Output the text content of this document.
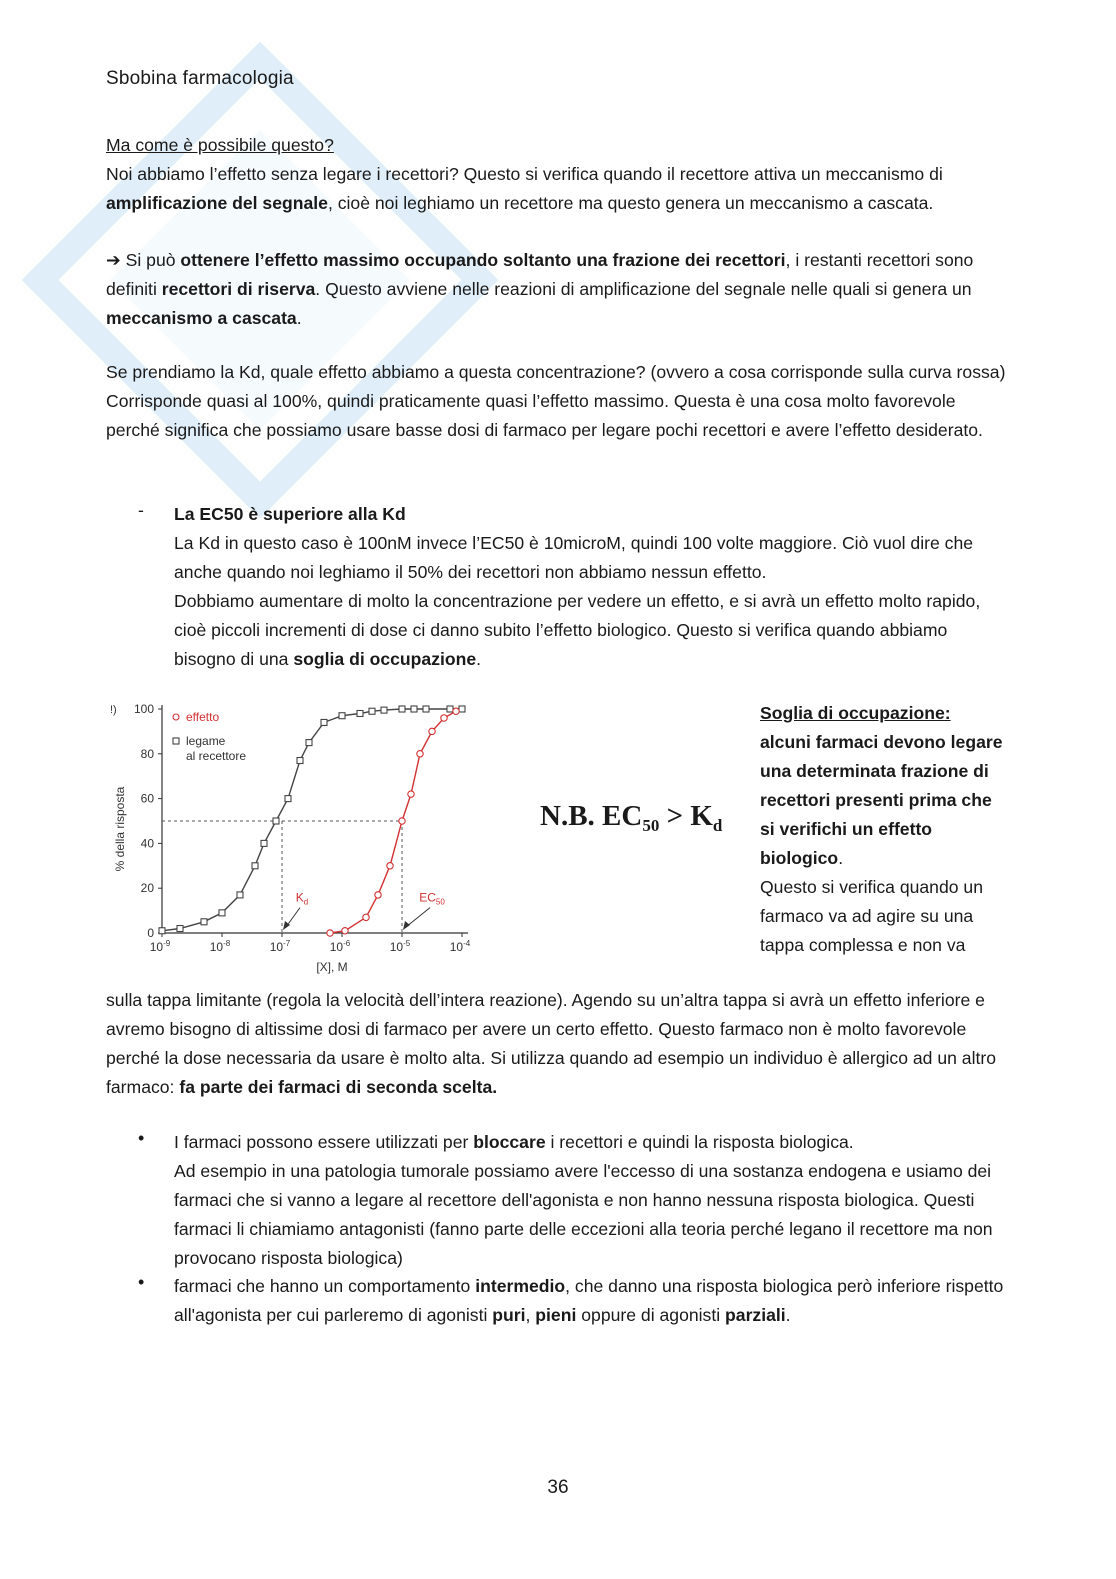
Sbobina farmacologia
Ma come è possibile questo?
Noi abbiamo l’effetto senza legare i recettori? Questo si verifica quando il recettore attiva un meccanismo di amplificazione del segnale, cioè noi leghiamo un recettore ma questo genera un meccanismo a cascata.
➔ Si può ottenere l’effetto massimo occupando soltanto una frazione dei recettori, i restanti recettori sono definiti recettori di riserva. Questo avviene nelle reazioni di amplificazione del segnale nelle quali si genera un meccanismo a cascata.
Se prendiamo la Kd, quale effetto abbiamo a questa concentrazione? (ovvero a cosa corrisponde sulla curva rossa) Corrisponde quasi al 100%, quindi praticamente quasi l’effetto massimo. Questa è una cosa molto favorevole perché significa che possiamo usare basse dosi di farmaco per legare pochi recettori e avere l’effetto desiderato.
- La EC50 è superiore alla Kd
La Kd in questo caso è 100nM invece l’EC50 è 10microM, quindi 100 volte maggiore. Ciò vuol dire che anche quando noi leghiamo il 50% dei recettori non abbiamo nessun effetto.
Dobbiamo aumentare di molto la concentrazione per vedere un effetto, e si avrà un effetto molto rapido, cioè piccoli incrementi di dose ci danno subito l’effetto biologico. Questo si verifica quando abbiamo bisogno di una soglia di occupazione.
0
20
40
60
80
100
!)
$10^{-9}$	$10^{-8}$	$10^{-7}$	$10^{-6}$	$10^{-5}$	$10^{-4}$
[X], M
% della risposta
$K_d$	$EC_{50}$
effetto
legame
al recettore
N.B. $EC_{50} > K_d$
Soglia di occupazione:
alcuni farmaci devono legare una determinata frazione di recettori presenti prima che si verifichi un effetto biologico.
Questo si verifica quando un farmaco va ad agire su una tappa complessa e non va
sulla tappa limitante (regola la velocità dell’intera reazione). Agendo su un’altra tappa si avrà un effetto inferiore e avremo bisogno di altissime dosi di farmaco per avere un certo effetto. Questo farmaco non è molto favorevole perché la dose necessaria da usare è molto alta. Si utilizza quando ad esempio un individuo è allergico ad un altro farmaco: fa parte dei farmaci di seconda scelta.
• I farmaci possono essere utilizzati per bloccare i recettori e quindi la risposta biologica.
Ad esempio in una patologia tumorale possiamo avere l'eccesso di una sostanza endogena e usiamo dei farmaci che si vanno a legare al recettore dell'agonista e non hanno nessuna risposta biologica. Questi farmaci li chiamiamo antagonisti (fanno parte delle eccezioni alla teoria perché legano il recettore ma non provocano risposta biologica)
• farmaci che hanno un comportamento intermedio, che danno una risposta biologica però inferiore rispetto all'agonista per cui parleremo di agonisti puri, pieni oppure di agonisti parziali.
36
